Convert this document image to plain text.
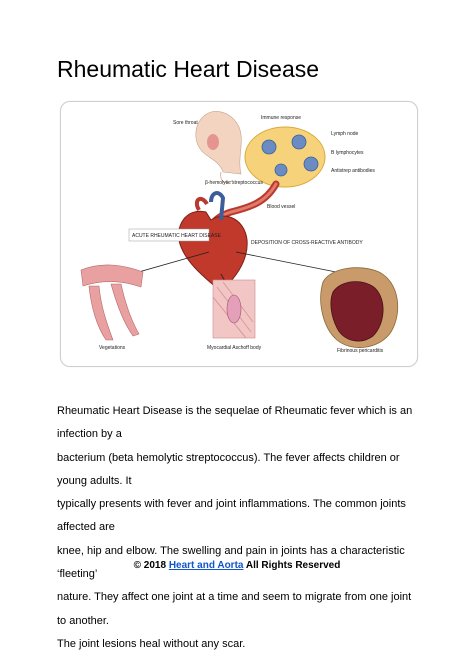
Rheumatic Heart Disease
Sore throat
β-hemolytic streptococcus
Immune response
Lymph node
B lymphocytes
Antistrep antibodies
Blood vessel
ACUTE RHEUMATIC HEART DISEASE
DEPOSITION OF CROSS-REACTIVE ANTIBODY
Vegetations	Myocardial Aschoff body	Fibrinous pericarditis

Rheumatic Heart Disease is the sequelae of Rheumatic fever which is an infection by a

bacterium (beta hemolytic streptococcus). The fever affects children or young adults. It

typically presents with fever and joint inflammations. The common joints affected are

knee, hip and elbow. The swelling and pain in joints has a characteristic ‘fleeting’

nature. They affect one joint at a time and seem to migrate from one joint to another.

The joint lesions heal without any scar.

© 2018 Heart and Aorta All Rights Reserved
